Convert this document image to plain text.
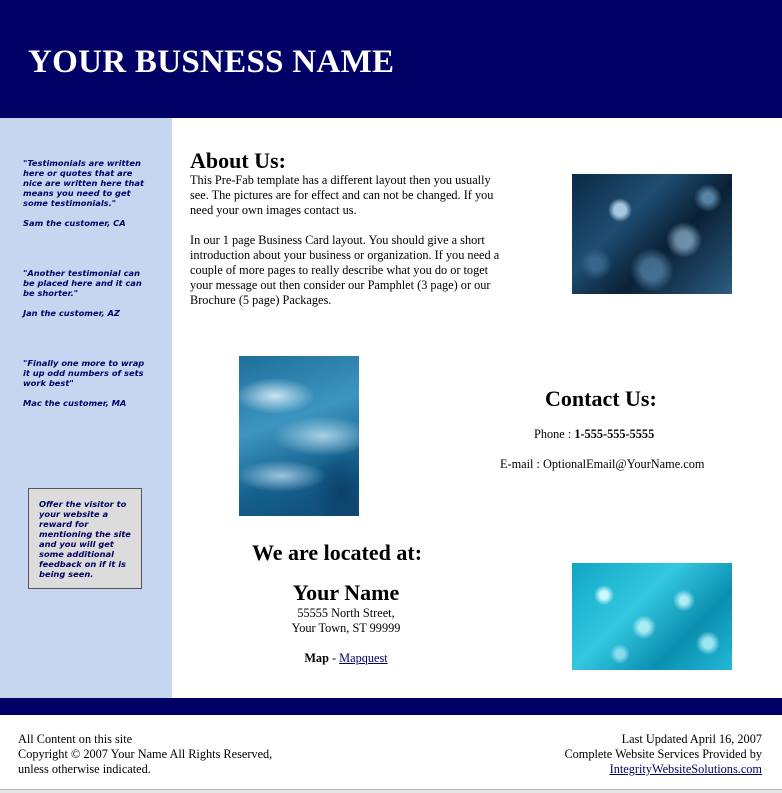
YOUR BUSNESS NAME
"Testimonials are written here or quotes that are nice are written here that means you need to get some testimonials."
Sam the customer, CA
"Another testimonial can be placed here and it can be shorter."
Jan the customer, AZ
"Finally one more to wrap it up odd numbers of sets work best"
Mac the customer, MA
Offer the visitor to your website a reward for mentioning the site and you will get some additional feedback on if it is being seen.
About Us:

This Pre-Fab template has a different layout then you usually see. The pictures are for effect and can not be changed. If you need your own images contact us.

In our 1 page Business Card layout. You should give a short introduction about your business or organization. If you need a couple of more pages to really describe what you do or toget your message out then consider our Pamphlet (3 page) or our Brochure (5 page) Packages.

Contact Us:
Phone : 1-555-555-5555
E-mail : OptionalEmail@YourName.com
We are located at:
Your Name
55555 North Street,
Your Town, ST 99999
Map - Mapquest
All Content on this site
Copyright © 2007 Your Name All Rights Reserved,
unless otherwise indicated.
Last Updated April 16, 2007
Complete Website Services Provided by
IntegrityWebsiteSolutions.com
